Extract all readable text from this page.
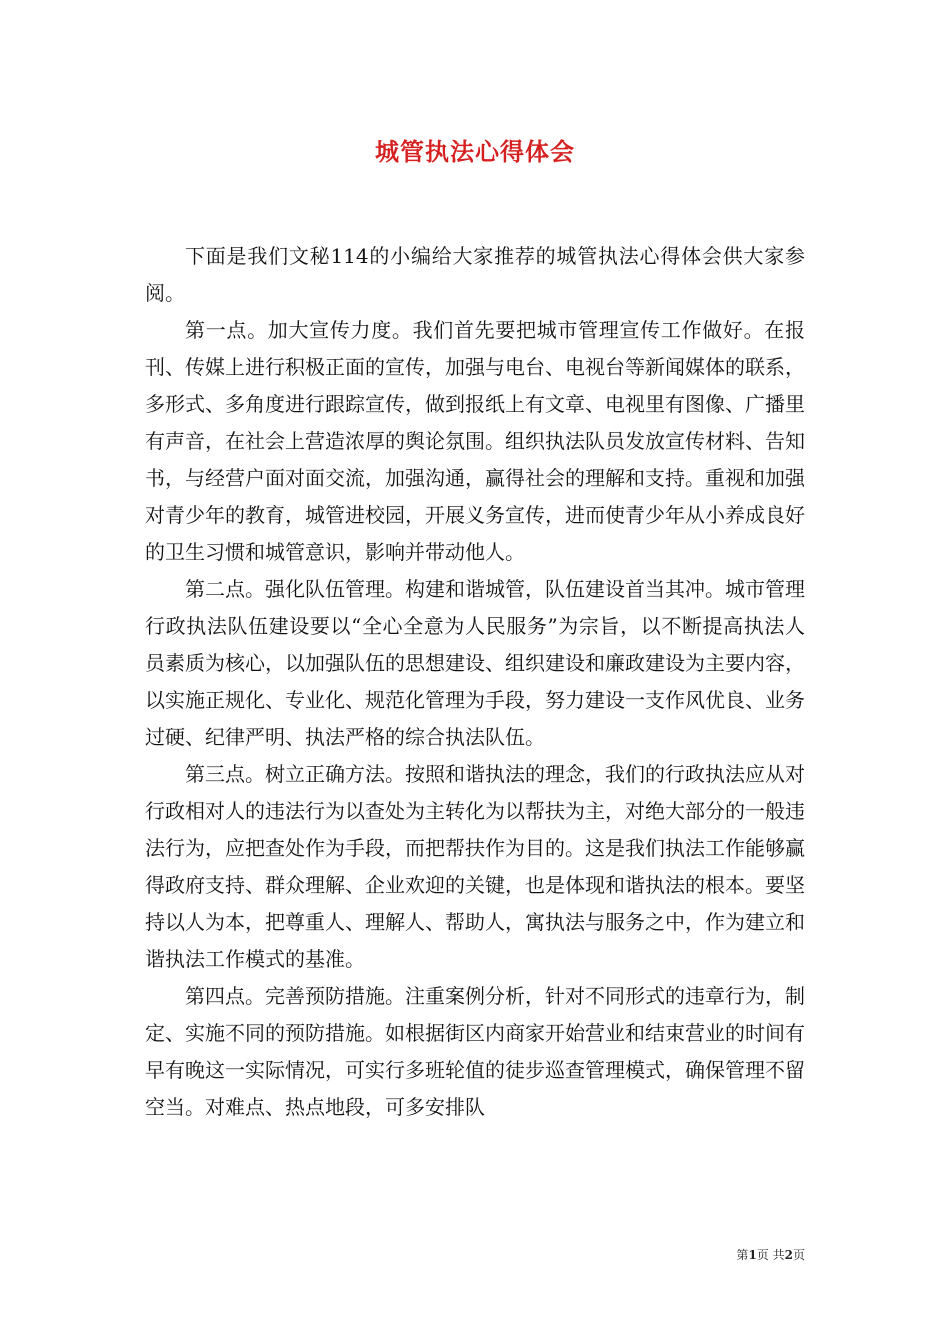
城管执法心得体会

下面是我们文秘114的小编给大家推荐的城管执法心得体会供大家参阅。

第一点。加大宣传力度。我们首先要把城市管理宣传工作做好。在报刊、传媒上进行积极正面的宣传，加强与电台、电视台等新闻媒体的联系，多形式、多角度进行跟踪宣传，做到报纸上有文章、电视里有图像、广播里有声音，在社会上营造浓厚的舆论氛围。组织执法队员发放宣传材料、告知书，与经营户面对面交流，加强沟通，赢得社会的理解和支持。重视和加强对青少年的教育，城管进校园，开展义务宣传，进而使青少年从小养成良好的卫生习惯和城管意识，影响并带动他人。

第二点。强化队伍管理。构建和谐城管，队伍建设首当其冲。城市管理行政执法队伍建设要以“全心全意为人民服务”为宗旨，以不断提高执法人员素质为核心，以加强队伍的思想建设、组织建设和廉政建设为主要内容，以实施正规化、专业化、规范化管理为手段，努力建设一支作风优良、业务过硬、纪律严明、执法严格的综合执法队伍。

第三点。树立正确方法。按照和谐执法的理念，我们的行政执法应从对行政相对人的违法行为以查处为主转化为以帮扶为主，对绝大部分的一般违法行为，应把查处作为手段，而把帮扶作为目的。这是我们执法工作能够赢得政府支持、群众理解、企业欢迎的关键，也是体现和谐执法的根本。要坚持以人为本，把尊重人、理解人、帮助人，寓执法与服务之中，作为建立和谐执法工作模式的基准。

第四点。完善预防措施。注重案例分析，针对不同形式的违章行为，制定、实施不同的预防措施。如根据街区内商家开始营业和结束营业的时间有早有晚这一实际情况，可实行多班轮值的徒步巡查管理模式，确保管理不留空当。对难点、热点地段，可多安排队

第1页 共2页
